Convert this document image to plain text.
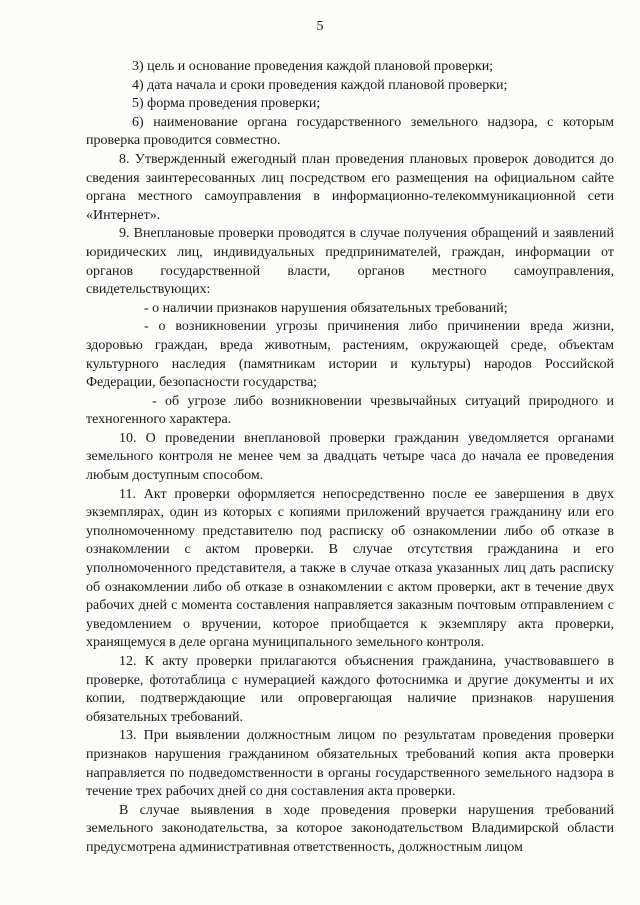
5

3) цель и основание проведения каждой плановой проверки;

4) дата начала и сроки проведения каждой плановой проверки;

5) форма проведения проверки;

6) наименование органа государственного земельного надзора, с которым проверка проводится совместно.

8. Утвержденный ежегодный план проведения плановых проверок доводится до сведения заинтересованных лиц посредством его размещения на официальном сайте органа местного самоуправления в информационно-телекоммуникационной сети «Интернет».

9. Внеплановые проверки проводятся в случае получения обращений и заявлений юридических лиц, индивидуальных предпринимателей, граждан, информации от органов государственной власти, органов местного самоуправления, свидетельствующих:

- о наличии признаков нарушения обязательных требований;

- о возникновении угрозы причинения либо причинении вреда жизни, здоровью граждан, вреда животным, растениям, окружающей среде, объектам культурного наследия (памятникам истории и культуры) народов Российской Федерации, безопасности государства;

- об угрозе либо возникновении чрезвычайных ситуаций природного и техногенного характера.

10. О проведении внеплановой проверки гражданин уведомляется органами земельного контроля не менее чем за двадцать четыре часа до начала ее проведения любым доступным способом.

11. Акт проверки оформляется непосредственно после ее завершения в двух экземплярах, один из которых с копиями приложений вручается гражданину или его уполномоченному представителю под расписку об ознакомлении либо об отказе в ознакомлении с актом проверки. В случае отсутствия гражданина и его уполномоченного представителя, а также в случае отказа указанных лиц дать расписку об ознакомлении либо об отказе в ознакомлении с актом проверки, акт в течение двух рабочих дней с момента составления направляется заказным почтовым отправлением с уведомлением о вручении, которое приобщается к экземпляру акта проверки, хранящемуся в деле органа муниципального земельного контроля.

12. К акту проверки прилагаются объяснения гражданина, участвовавшего в проверке, фототаблица с нумерацией каждого фотоснимка и другие документы и их копии, подтверждающие или опровергающая наличие признаков нарушения обязательных требований.

13. При выявлении должностным лицом по результатам проведения проверки признаков нарушения гражданином обязательных требований копия акта проверки направляется по подведомственности в органы государственного земельного надзора в течение трех рабочих дней со дня составления акта проверки.

В случае выявления в ходе проведения проверки нарушения требований земельного законодательства, за которое законодательством Владимирской области предусмотрена административная ответственность, должностным лицом
